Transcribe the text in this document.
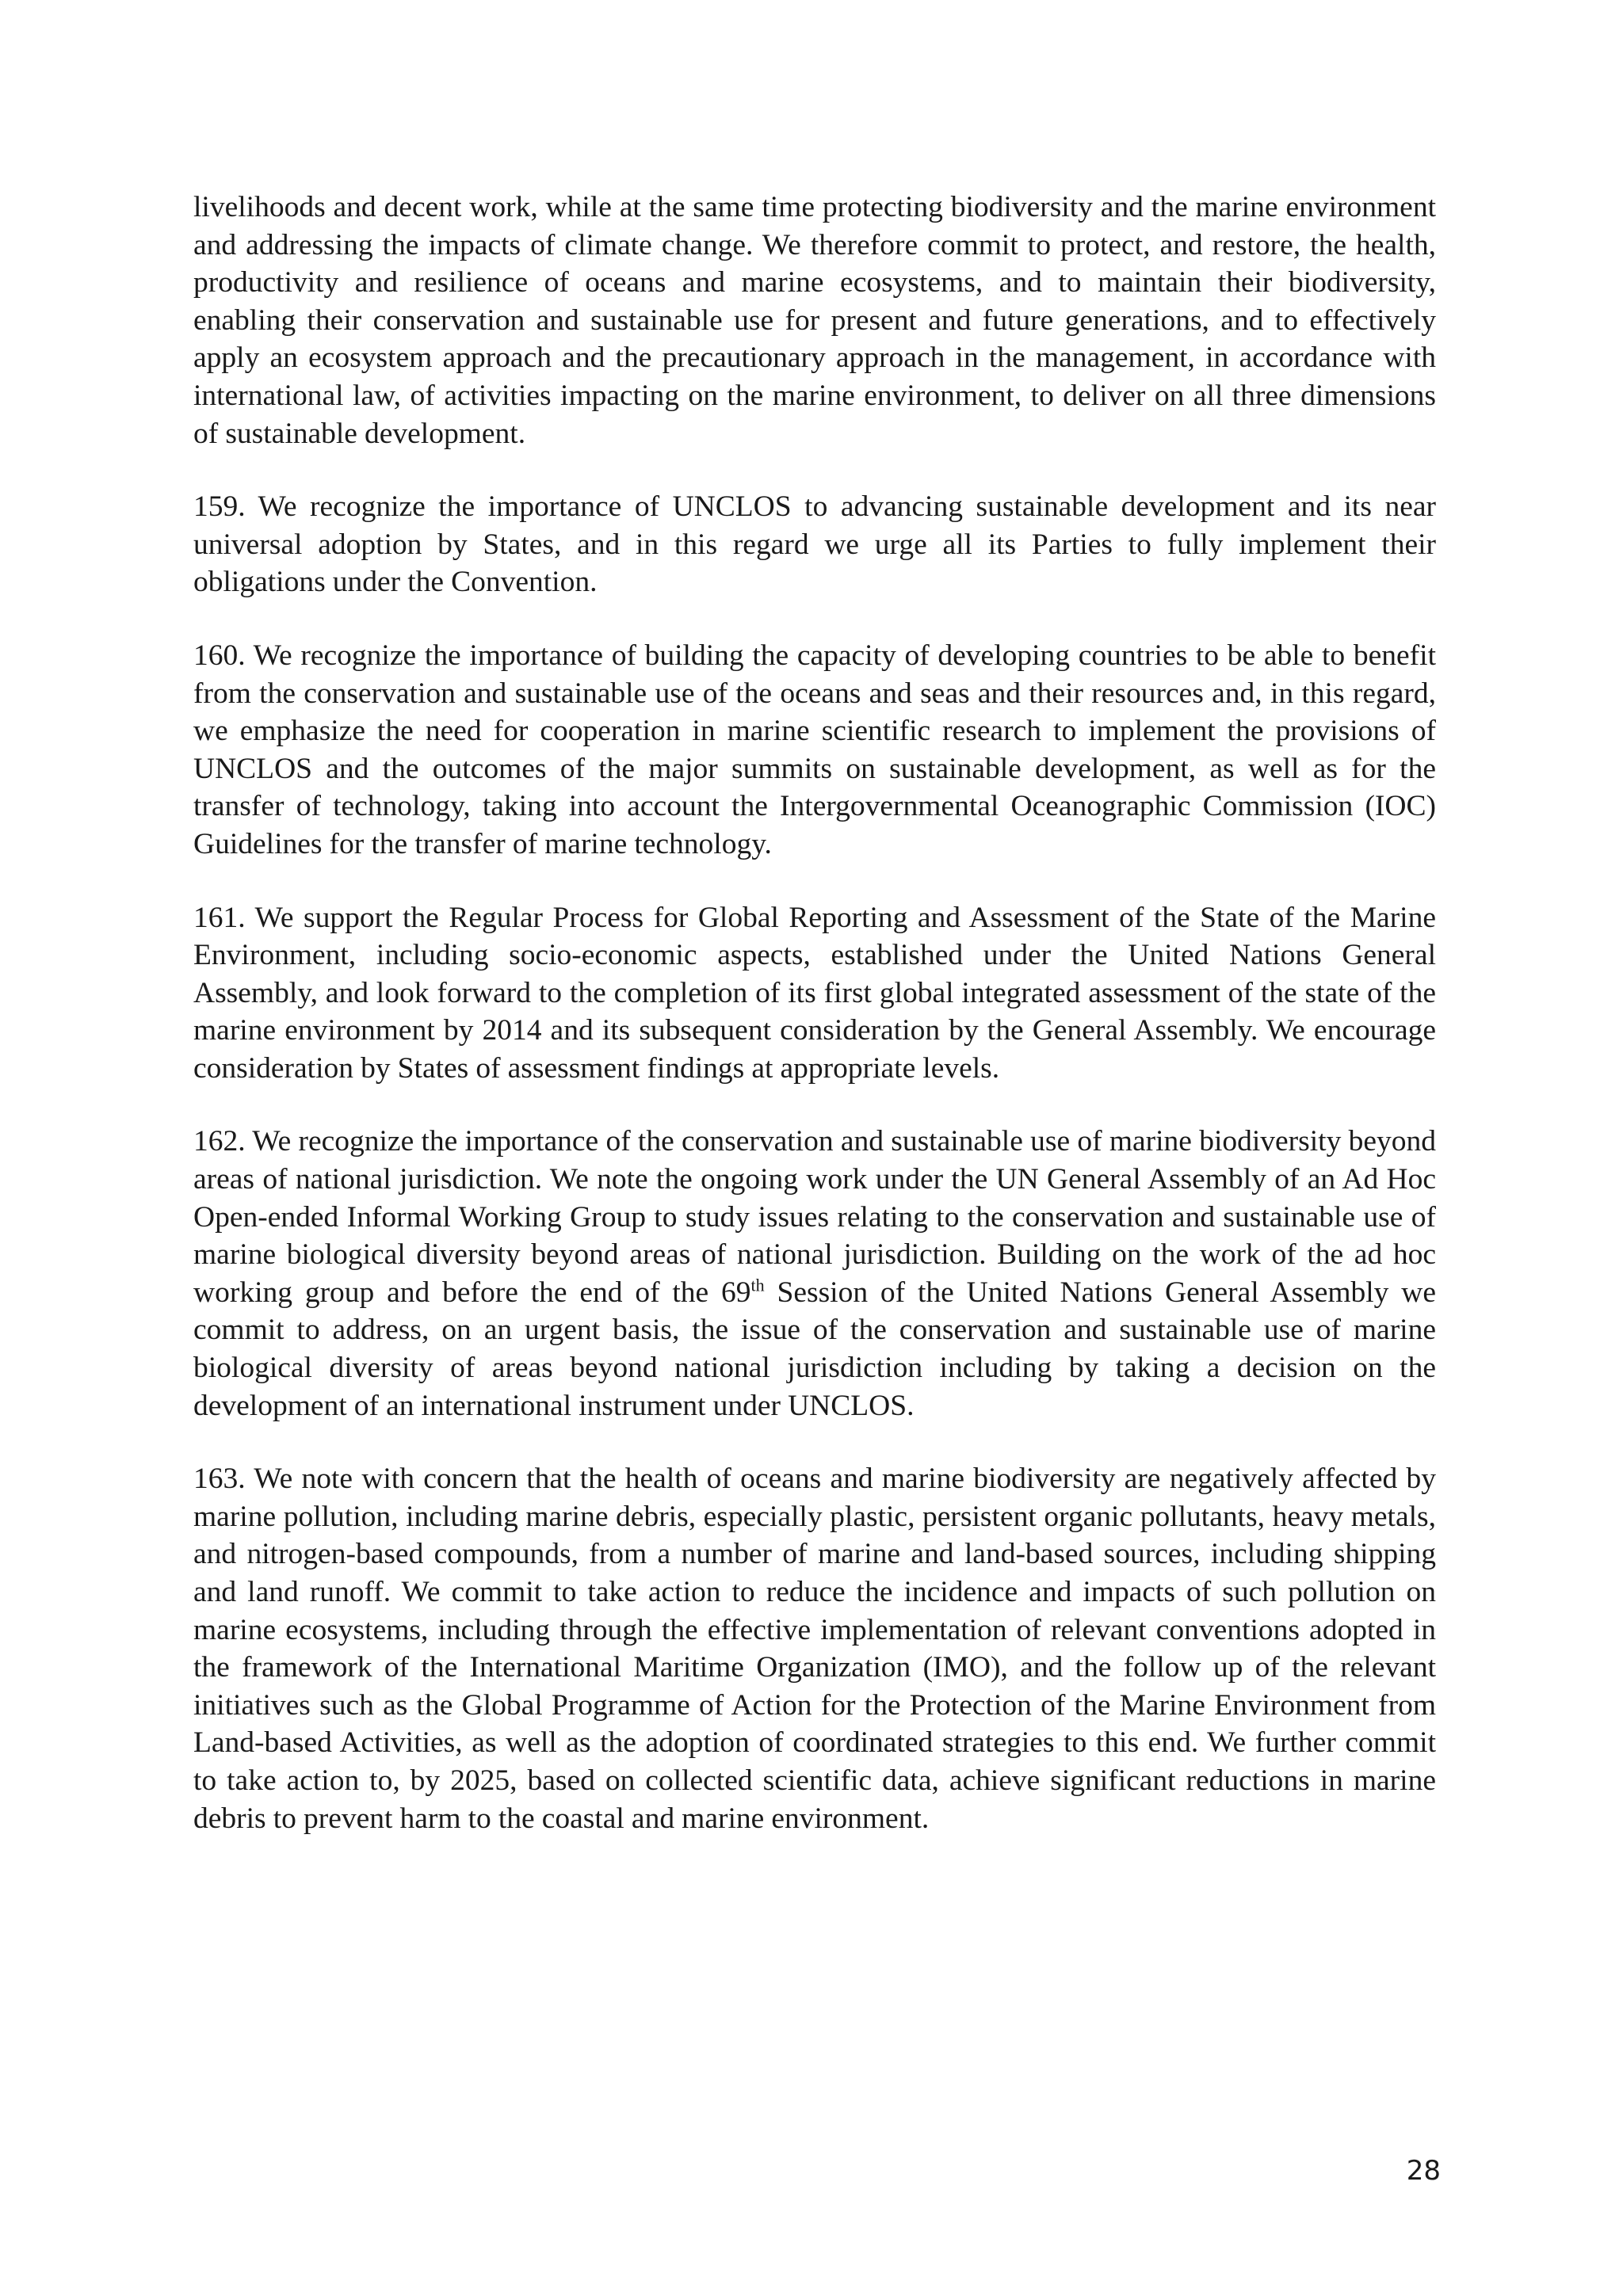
livelihoods and decent work, while at the same time protecting biodiversity and the marine environment and addressing the impacts of climate change. We therefore commit to protect, and restore, the health, productivity and resilience of oceans and marine ecosystems, and to maintain their biodiversity, enabling their conservation and sustainable use for present and future generations, and to effectively apply an ecosystem approach and the precautionary approach in the management, in accordance with international law, of activities impacting on the marine environment, to deliver on all three dimensions of sustainable development.

159. We recognize the importance of UNCLOS to advancing sustainable development and its near universal adoption by States, and in this regard we urge all its Parties to fully implement their obligations under the Convention.

160. We recognize the importance of building the capacity of developing countries to be able to benefit from the conservation and sustainable use of the oceans and seas and their resources and, in this regard, we emphasize the need for cooperation in marine scientific research to implement the provisions of UNCLOS and the outcomes of the major summits on sustainable development, as well as for the transfer of technology, taking into account the Intergovernmental Oceanographic Commission (IOC) Guidelines for the transfer of marine technology.

161. We support the Regular Process for Global Reporting and Assessment of the State of the Marine Environment, including socio-economic aspects, established under the United Nations General Assembly, and look forward to the completion of its first global integrated assessment of the state of the marine environment by 2014 and its subsequent consideration by the General Assembly. We encourage consideration by States of assessment findings at appropriate levels.

162. We recognize the importance of the conservation and sustainable use of marine biodiversity beyond areas of national jurisdiction. We note the ongoing work under the UN General Assembly of an Ad Hoc Open-ended Informal Working Group to study issues relating to the conservation and sustainable use of marine biological diversity beyond areas of national jurisdiction. Building on the work of the ad hoc working group and before the end of the 69th Session of the United Nations General Assembly we commit to address, on an urgent basis, the issue of the conservation and sustainable use of marine biological diversity of areas beyond national jurisdiction including by taking a decision on the development of an international instrument under UNCLOS.

163. We note with concern that the health of oceans and marine biodiversity are negatively affected by marine pollution, including marine debris, especially plastic, persistent organic pollutants, heavy metals, and nitrogen-based compounds, from a number of marine and land-based sources, including shipping and land runoff. We commit to take action to reduce the incidence and impacts of such pollution on marine ecosystems, including through the effective implementation of relevant conventions adopted in the framework of the International Maritime Organization (IMO), and the follow up of the relevant initiatives such as the Global Programme of Action for the Protection of the Marine Environment from Land-based Activities, as well as the adoption of coordinated strategies to this end. We further commit to take action to, by 2025, based on collected scientific data, achieve significant reductions in marine debris to prevent harm to the coastal and marine environment.

28
